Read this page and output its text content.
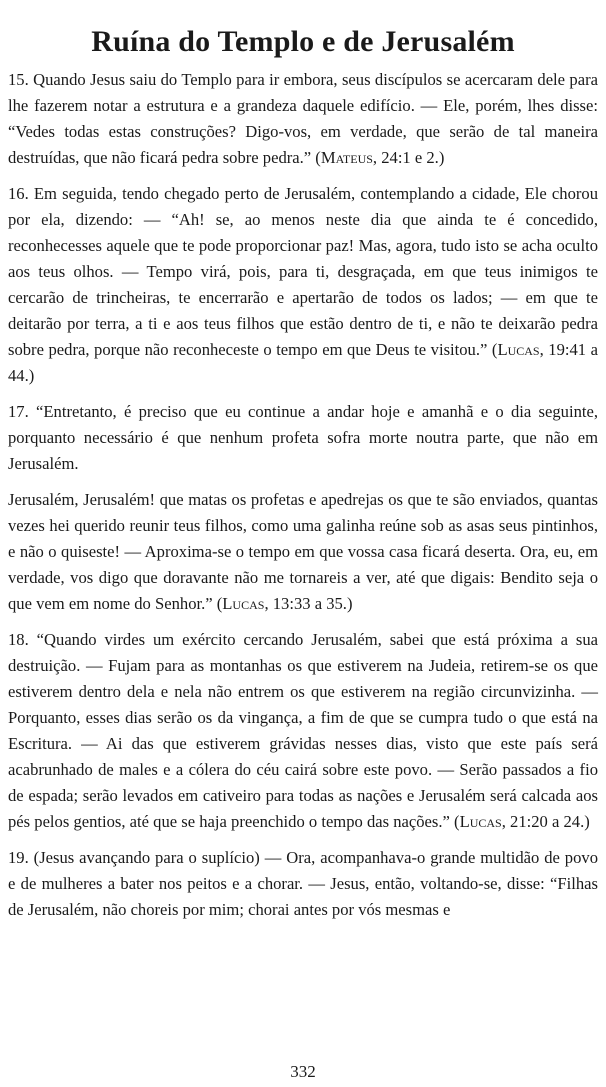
Ruína do Templo e de Jerusalém

15. Quando Jesus saiu do Templo para ir embora, seus discípulos se acercaram dele para lhe fazerem notar a estrutura e a grandeza daquele edifício. — Ele, porém, lhes disse: “Vedes todas estas construções? Digo-vos, em verdade, que serão de tal maneira destruídas, que não ficará pedra sobre pedra.” (Mateus, 24:1 e 2.)

16. Em seguida, tendo chegado perto de Jerusalém, contemplando a cidade, Ele chorou por ela, dizendo: — “Ah! se, ao menos neste dia que ainda te é concedido, reconhecesses aquele que te pode proporcionar paz! Mas, agora, tudo isto se acha oculto aos teus olhos. — Tempo virá, pois, para ti, desgraçada, em que teus inimigos te cercarão de trincheiras, te encerrarão e apertarão de todos os lados; — em que te deitarão por terra, a ti e aos teus filhos que estão dentro de ti, e não te deixarão pedra sobre pedra, porque não reconheceste o tempo em que Deus te visitou.” (Lucas, 19:41 a 44.)

17. “Entretanto, é preciso que eu continue a andar hoje e amanhã e o dia seguinte, porquanto necessário é que nenhum profeta sofra morte noutra parte, que não em Jerusalém.

Jerusalém, Jerusalém! que matas os profetas e apedrejas os que te são enviados, quantas vezes hei querido reunir teus filhos, como uma galinha reúne sob as asas seus pintinhos, e não o quiseste! — Aproxima-se o tempo em que vossa casa ficará deserta. Ora, eu, em verdade, vos digo que doravante não me tornareis a ver, até que digais: Bendito seja o que vem em nome do Senhor.” (Lucas, 13:33 a 35.)

18. “Quando virdes um exército cercando Jerusalém, sabei que está próxima a sua destruição. — Fujam para as montanhas os que estiverem na Judeia, retirem-se os que estiverem dentro dela e nela não entrem os que estiverem na região circunvizinha. — Porquanto, esses dias serão os da vingança, a fim de que se cumpra tudo o que está na Escritura. — Ai das que estiverem grávidas nesses dias, visto que este país será acabrunhado de males e a cólera do céu cairá sobre este povo. — Serão passados a fio de espada; serão levados em cativeiro para todas as nações e Jerusalém será calcada aos pés pelos gentios, até que se haja preenchido o tempo das nações.” (Lucas, 21:20 a 24.)

19. (Jesus avançando para o suplício) — Ora, acompanhava-o grande multidão de povo e de mulheres a bater nos peitos e a chorar. — Jesus, então, voltando-se, disse: “Filhas de Jerusalém, não choreis por mim; chorai antes por vós mesmas e

332
